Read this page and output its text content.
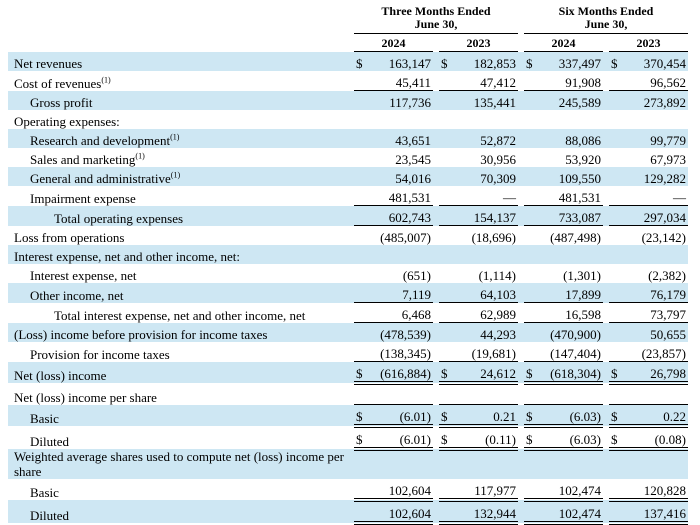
Three Months Ended
June 30,

Six Months Ended
June 30,

	2024			2023			2024			2023	
Net revenues	$	163,147		$	182,853		$	337,497		$	370,454
Cost of revenues$^{(1)}$		45,411			47,412			91,908			96,562
Gross profit		117,736			135,441			245,589			273,892
Operating expenses:											
Research and development$^{(1)}$		43,651			52,872			88,086			99,779
Sales and marketing$^{(1)}$		23,545			30,956			53,920			67,973
General and administrative$^{(1)}$		54,016			70,309			109,550			129,282
Impairment expense		481,531			—			481,531			—
Total operating expenses		602,743			154,137			733,087			297,034
Loss from operations		(485,007)			(18,696)			(487,498)			(23,142)
Interest expense, net and other income, net:											
Interest expense, net		(651)			(1,114)			(1,301)			(2,382)
Other income, net		7,119			64,103			17,899			76,179
Total interest expense, net and other income, net		6,468			62,989			16,598			73,797
(Loss) income before provision for income taxes		(478,539)			44,293			(470,900)			50,655
Provision for income taxes		(138,345)			(19,681)			(147,404)			(23,857)
Net (loss) income	$	(616,884)		$	24,612		$	(618,304)		$	26,798
Net (loss) income per share											
Basic	$	(6.01)		$	0.21		$	(6.03)		$	0.22
Diluted	$	(6.01)		$	(0.11)		$	(6.03)		$	(0.08)
Weighted average shares used to compute net (loss) income per share											
Basic		102,604			117,977			102,474			120,828
Diluted		102,604			132,944			102,474			137,416
